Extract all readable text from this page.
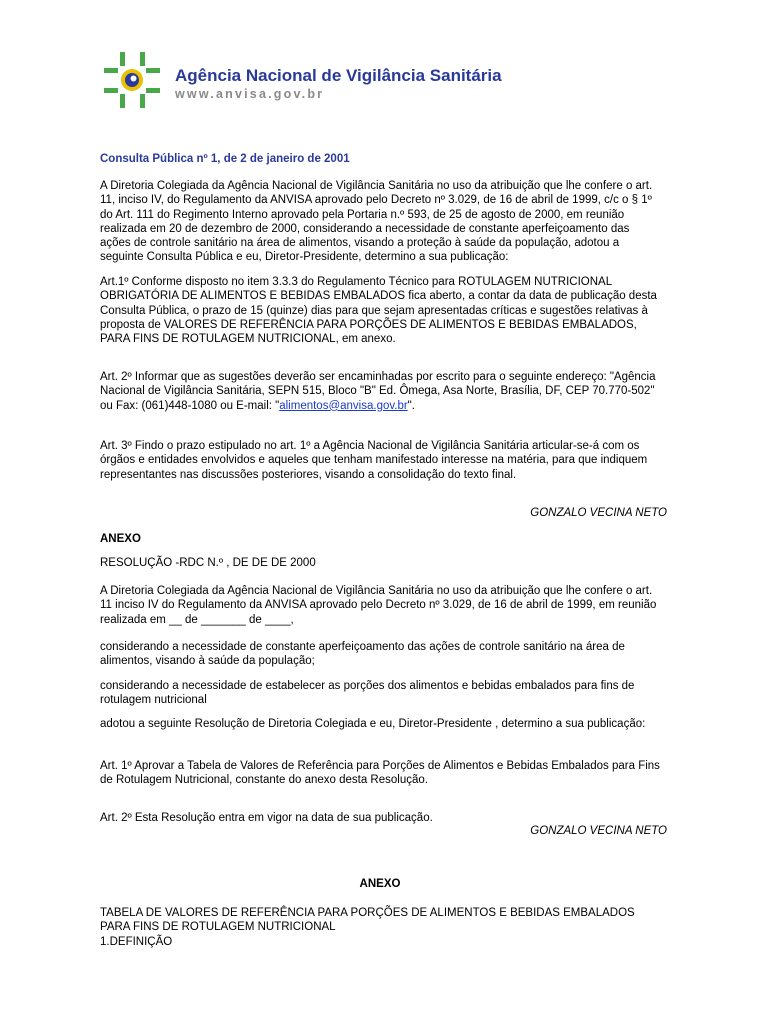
Agência Nacional de Vigilância Sanitária
www.anvisa.gov.br
Consulta Pública nº 1, de 2 de janeiro de 2001
A Diretoria Colegiada da Agência Nacional de Vigilância Sanitária no uso da atribuição que lhe confere o art. 11, inciso IV, do Regulamento da ANVISA aprovado pelo Decreto nº 3.029, de 16 de abril de 1999, c/c o § 1º do Art. 111 do Regimento Interno aprovado pela Portaria n.º 593, de 25 de agosto de 2000, em reunião realizada em 20 de dezembro de 2000, considerando a necessidade de constante aperfeiçoamento das ações de controle sanitário na área de alimentos, visando a proteção à saúde da população, adotou a seguinte Consulta Pública e eu, Diretor-Presidente, determino a sua publicação:
Art.1º Conforme disposto no item 3.3.3 do Regulamento Técnico para ROTULAGEM NUTRICIONAL OBRIGATÓRIA DE ALIMENTOS E BEBIDAS EMBALADOS fica aberto, a contar da data de publicação desta Consulta Pública, o prazo de 15 (quinze) dias para que sejam apresentadas críticas e sugestões relativas à proposta de VALORES DE REFERÊNCIA PARA PORÇÕES DE ALIMENTOS E BEBIDAS EMBALADOS, PARA FINS DE ROTULAGEM NUTRICIONAL, em anexo.
Art. 2º Informar que as sugestões deverão ser encaminhadas por escrito para o seguinte endereço: "Agência Nacional de Vigilância Sanitária, SEPN 515, Bloco "B" Ed. Ômega, Asa Norte, Brasília, DF, CEP 70.770-502" ou Fax: (061)448-1080 ou E-mail: "alimentos@anvisa.gov.br".
Art. 3º Findo o prazo estipulado no art. 1º a Agência Nacional de Vigilância Sanitária articular-se-á com os órgãos e entidades envolvidos e aqueles que tenham manifestado interesse na matéria, para que indiquem representantes nas discussões posteriores, visando a consolidação do texto final.
GONZALO VECINA NETO
ANEXO
RESOLUÇÃO -RDC N.º , DE DE DE 2000
A Diretoria Colegiada da Agência Nacional de Vigilância Sanitária no uso da atribuição que lhe confere o art. 11 inciso IV do Regulamento da ANVISA aprovado pelo Decreto nº 3.029, de 16 de abril de 1999, em reunião realizada em __ de _______ de ____,
considerando a necessidade de constante aperfeiçoamento das ações de controle sanitário na área de alimentos, visando à saúde da população;
considerando a necessidade de estabelecer as porções dos alimentos e bebidas embalados para fins de rotulagem nutricional
adotou a seguinte Resolução de Diretoria Colegiada e eu, Diretor-Presidente , determino a sua publicação:
Art. 1º Aprovar a Tabela de Valores de Referência para Porções de Alimentos e Bebidas Embalados para Fins de Rotulagem Nutricional, constante do anexo desta Resolução.
Art. 2º Esta Resolução entra em vigor na data de sua publicação.
GONZALO VECINA NETO
ANEXO
TABELA DE VALORES DE REFERÊNCIA PARA PORÇÕES DE ALIMENTOS E BEBIDAS EMBALADOS PARA FINS DE ROTULAGEM NUTRICIONAL
1.DEFINIÇÃO
